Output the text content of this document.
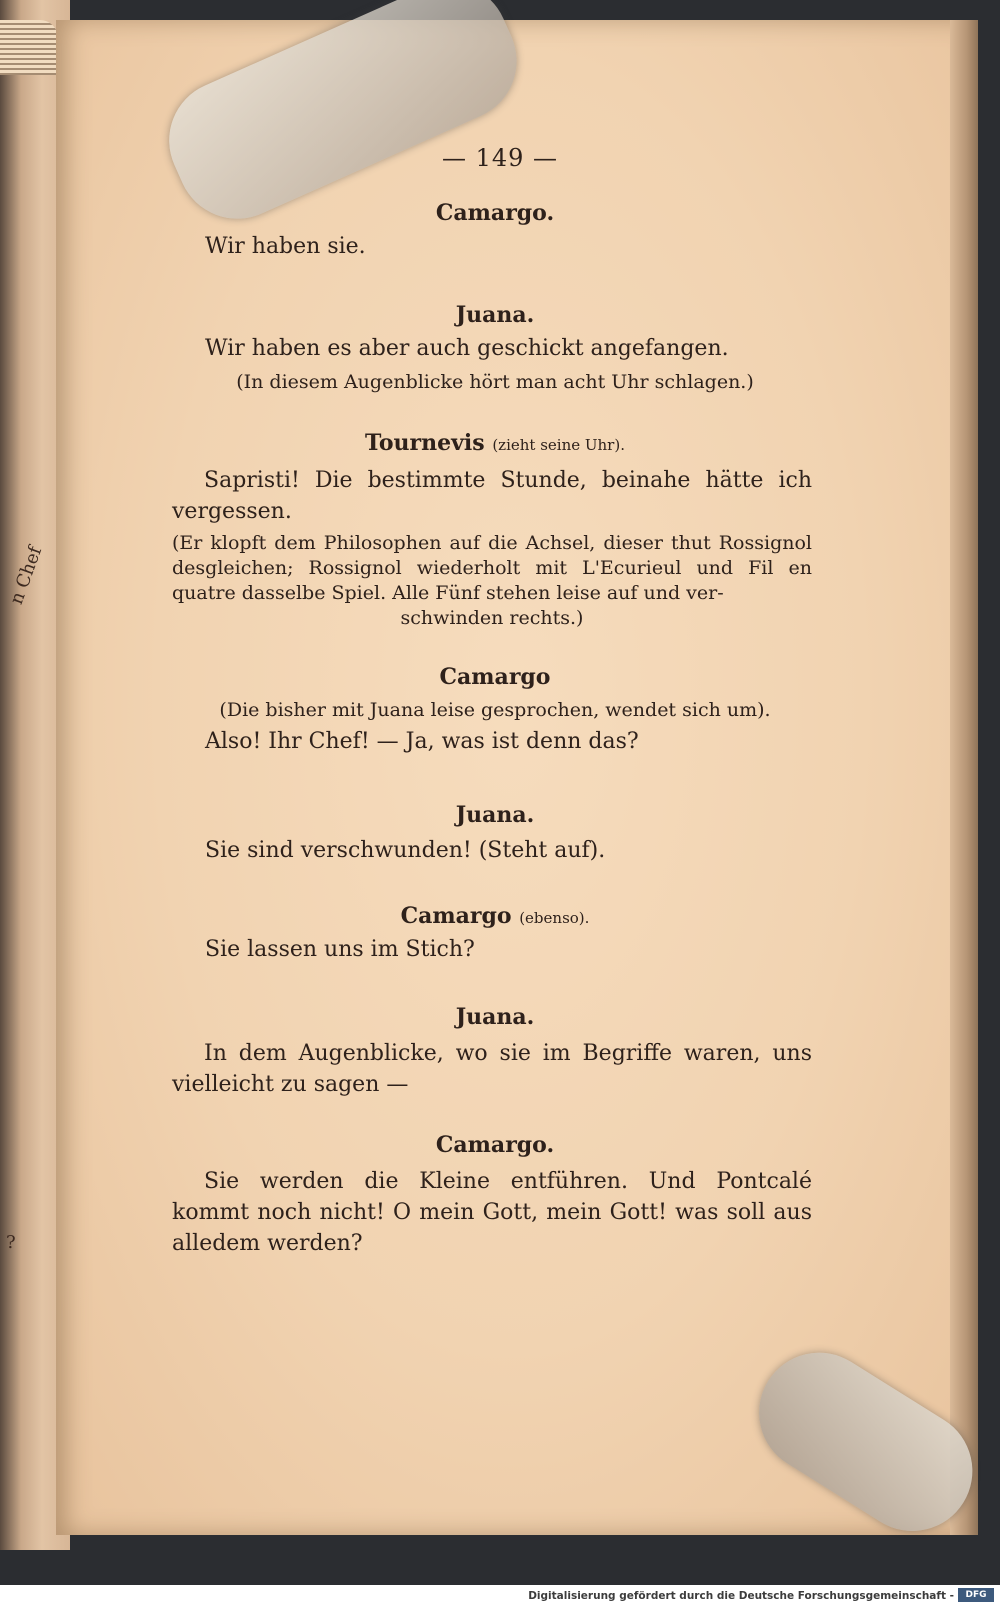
n Chef
?
— 149 —
Camargo.
Wir haben sie.
Juana.
Wir haben es aber auch geschickt angefangen.
(In diesem Augenblicke hört man acht Uhr schlagen.)
Tournevis (zieht seine Uhr).

Sapristi! Die bestimmte Stunde, beinahe hätte ich vergessen.

(Er klopft dem Philosophen auf die Achsel, dieser thut Rossignol desgleichen; Rossignol wiederholt mit L'Ecurieul und Fil en quatre dasselbe Spiel. Alle Fünf stehen leise auf und ver-

schwinden rechts.)

Camargo
(Die bisher mit Juana leise gesprochen, wendet sich um).
Also! Ihr Chef! — Ja, was ist denn das?
Juana.
Sie sind verschwunden! (Steht auf).
Camargo (ebenso).
Sie lassen uns im Stich?
Juana.

In dem Augenblicke, wo sie im Begriffe waren, uns vielleicht zu sagen —

Camargo.

Sie werden die Kleine entführen. Und Pontcalé kommt noch nicht! O mein Gott, mein Gott! was soll aus alledem werden?

Digitalisierung gefördert durch die Deutsche Forschungsgemeinschaft -	DFG
